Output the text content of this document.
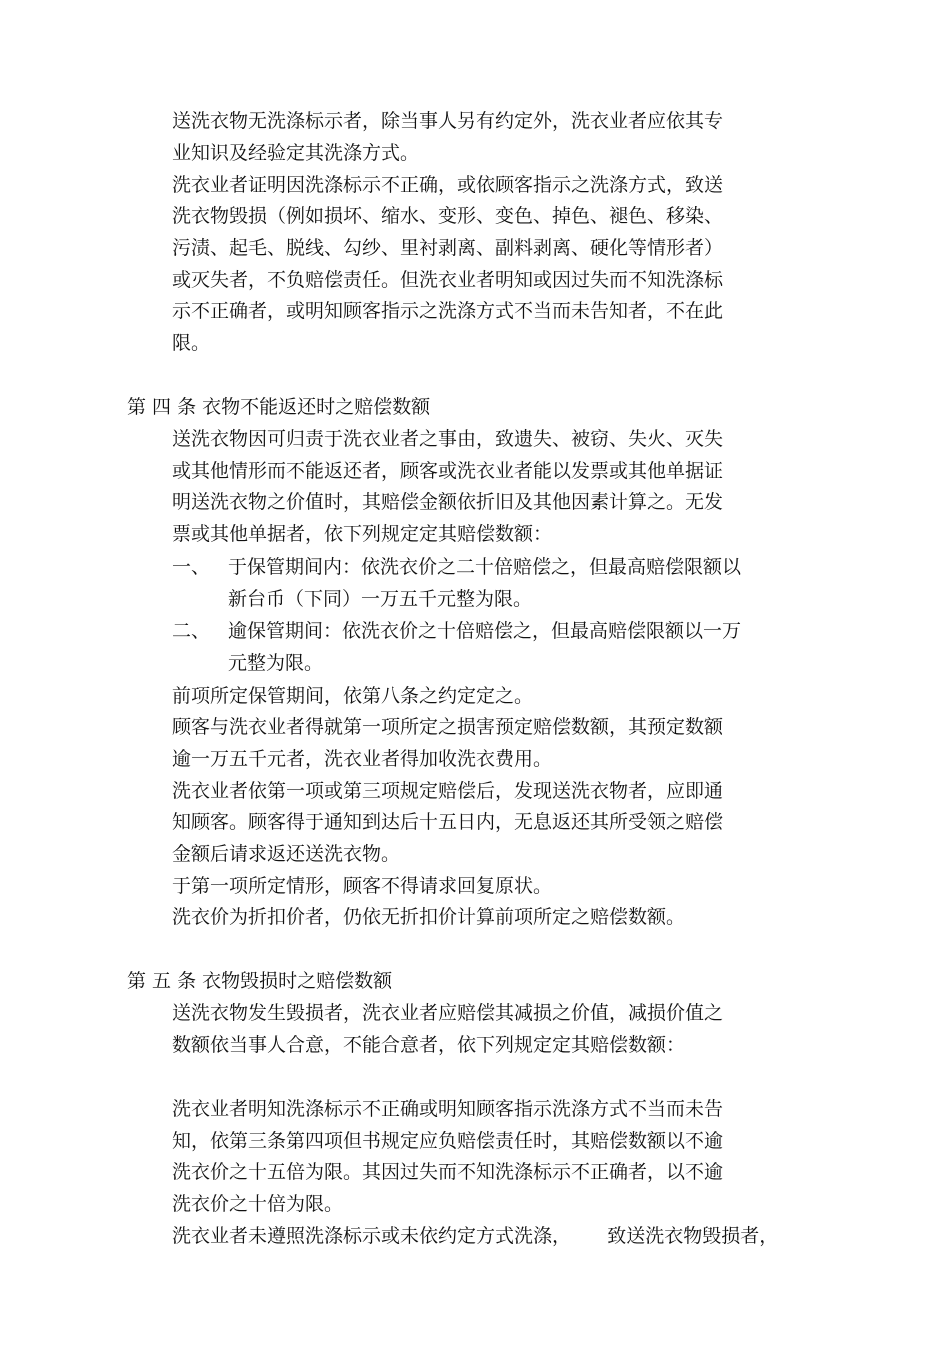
送洗衣物无洗涤标示者，除当事人另有约定外，洗衣业者应依其专
业知识及经验定其洗涤方式。
洗衣业者证明因洗涤标示不正确，或依顾客指示之洗涤方式，致送
洗衣物毁损（例如损坏、缩水、变形、变色、掉色、褪色、移染、
污渍、起毛、脱线、勾纱、里衬剥离、副料剥离、硬化等情形者）
或灭失者，不负赔偿责任。但洗衣业者明知或因过失而不知洗涤标
示不正确者，或明知顾客指示之洗涤方式不当而未告知者，不在此
限。
第 四 条 衣物不能返还时之赔偿数额
送洗衣物因可归责于洗衣业者之事由，致遗失、被窃、失火、灭失
或其他情形而不能返还者，顾客或洗衣业者能以发票或其他单据证
明送洗衣物之价值时，其赔偿金额依折旧及其他因素计算之。无发
票或其他单据者，依下列规定定其赔偿数额：
一、 于保管期间内：依洗衣价之二十倍赔偿之，但最高赔偿限额以
新台币（下同）一万五千元整为限。
二、 逾保管期间：依洗衣价之十倍赔偿之，但最高赔偿限额以一万
元整为限。
前项所定保管期间，依第八条之约定定之。
顾客与洗衣业者得就第一项所定之损害预定赔偿数额，其预定数额
逾一万五千元者，洗衣业者得加收洗衣费用。
洗衣业者依第一项或第三项规定赔偿后，发现送洗衣物者，应即通
知顾客。顾客得于通知到达后十五日内，无息返还其所受领之赔偿
金额后请求返还送洗衣物。
于第一项所定情形，顾客不得请求回复原状。
洗衣价为折扣价者，仍依无折扣价计算前项所定之赔偿数额。
第 五 条 衣物毁损时之赔偿数额
送洗衣物发生毁损者，洗衣业者应赔偿其减损之价值，减损价值之
数额依当事人合意，不能合意者，依下列规定定其赔偿数额：
洗衣业者明知洗涤标示不正确或明知顾客指示洗涤方式不当而未告
知，依第三条第四项但书规定应负赔偿责任时，其赔偿数额以不逾
洗衣价之十五倍为限。其因过失而不知洗涤标示不正确者，以不逾
洗衣价之十倍为限。
洗衣业者未遵照洗涤标示或未依约定方式洗涤，      致送洗衣物毁损者，
